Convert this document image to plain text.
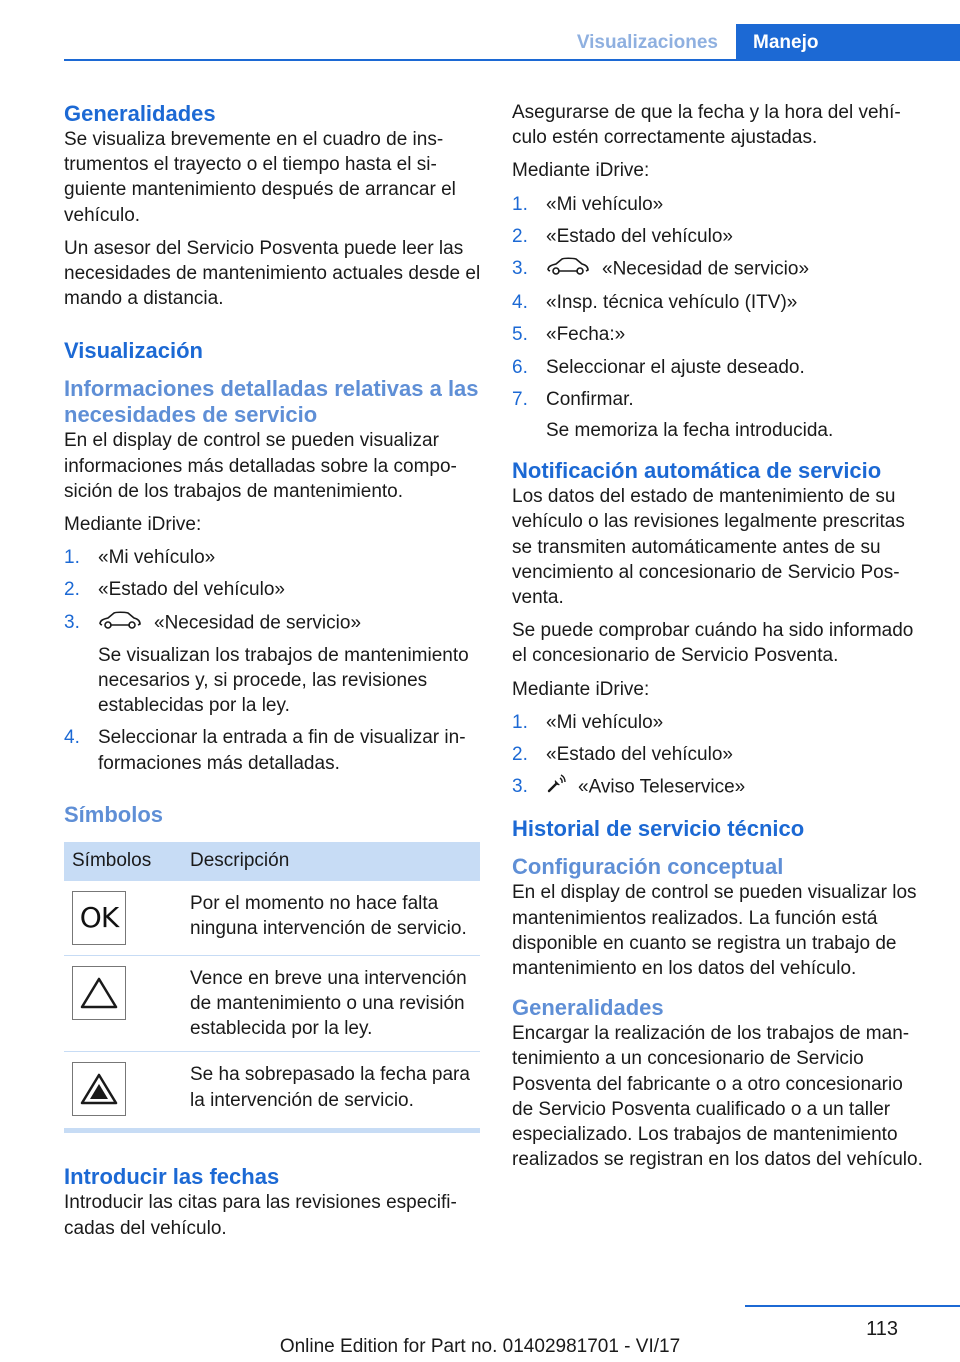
Visualizaciones	Manejo
Generalidades

Se visualiza brevemente en el cuadro de instrumentos el trayecto o el tiempo hasta el siguiente mantenimiento después de arrancar el vehículo.

Un asesor del Servicio Posventa puede leer las necesidades de mantenimiento actuales desde el mando a distancia.

Visualización
Informaciones detalladas relativas a las necesidades de servicio

En el display de control se pueden visualizar informaciones más detalladas sobre la composición de los trabajos de mantenimiento.

Mediante iDrive:

1. «Mi vehículo»
2. «Estado del vehículo»
3.	«Necesidad de servicio»
Se visualizan los trabajos de mantenimiento necesarios y, si procede, las revisiones establecidas por la ley.
4. Seleccionar la entrada a fin de visualizar informaciones más detalladas.
Símbolos
Símbolos	Descripción

OK	Por el momento no hace falta ninguna intervención de servicio.

	Vence en breve una intervención de mantenimiento o una revisión establecida por la ley.

	Se ha sobrepasado la fecha para la intervención de servicio.
Introducir las fechas

Introducir las citas para las revisiones especificadas del vehículo.

Asegurarse de que la fecha y la hora del vehículo estén correctamente ajustadas.

Mediante iDrive:

1. «Mi vehículo»
2. «Estado del vehículo»
3.	«Necesidad de servicio»
4. «Insp. técnica vehículo (ITV)»
5. «Fecha:»
6. Seleccionar el ajuste deseado.
7. Confirmar.
Se memoriza la fecha introducida.
Notificación automática de servicio

Los datos del estado de mantenimiento de su vehículo o las revisiones legalmente prescritas se transmiten automáticamente antes de su vencimiento al concesionario de Servicio Posventa.

Se puede comprobar cuándo ha sido informado el concesionario de Servicio Posventa.

Mediante iDrive:

1. «Mi vehículo»
2. «Estado del vehículo»
3.	«Aviso Teleservice»
Historial de servicio técnico
Configuración conceptual

En el display de control se pueden visualizar los mantenimientos realizados. La función está disponible en cuanto se registra un trabajo de mantenimiento en los datos del vehículo.

Generalidades

Encargar la realización de los trabajos de mantenimiento a un concesionario de Servicio Posventa del fabricante o a otro concesionario de Servicio Posventa cualificado o a un taller especializado. Los trabajos de mantenimiento realizados se registran en los datos del vehículo.

113
Online Edition for Part no. 01402981701 - VI/17
